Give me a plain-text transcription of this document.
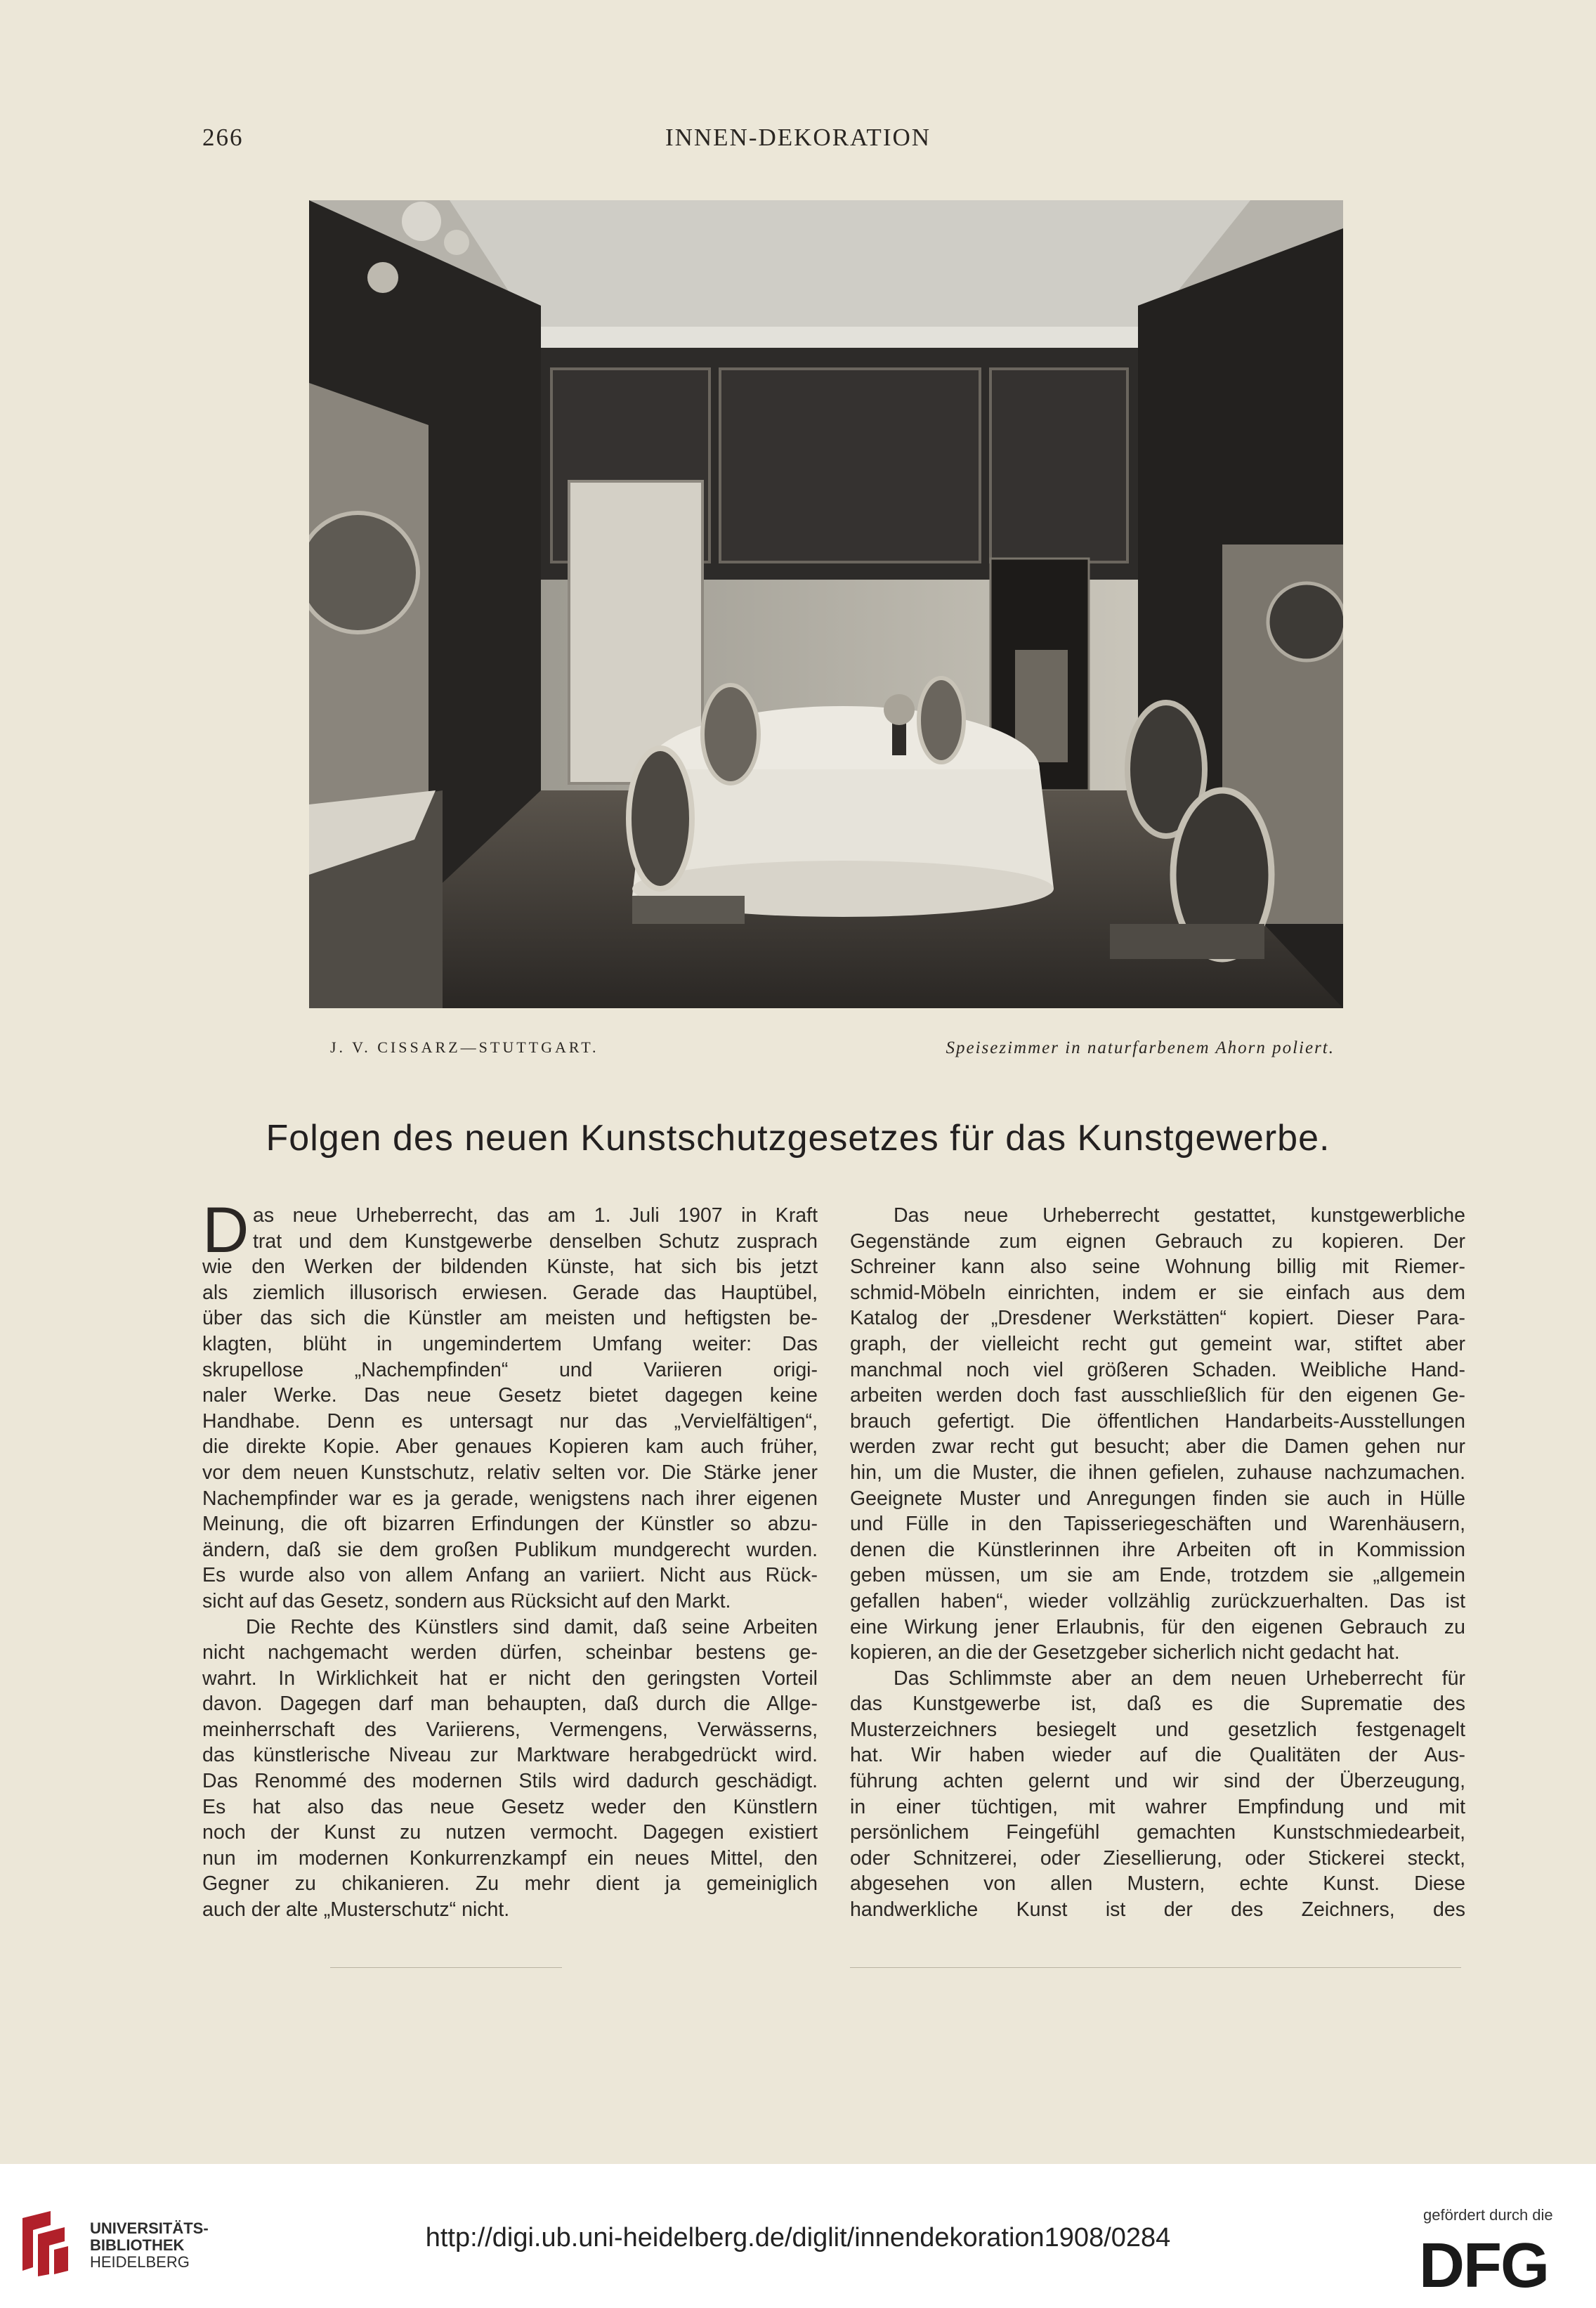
266	INNEN-DEKORATION
J. V. CISSARZ—STUTTGART.	Speisezimmer in naturfarbenem Ahorn poliert.
Folgen des neuen Kunstschutzgesetzes für das Kunstgewerbe.
D as neue Urheberrecht, das am 1. Juli 1907 in Kraft
trat und dem Kunstgewerbe denselben Schutz zusprach
wie den Werken der bildenden Künste, hat sich bis jetzt
als ziemlich illusorisch erwiesen. Gerade das Hauptübel,
über das sich die Künstler am meisten und heftigsten be-
klagten, blüht in ungemindertem Umfang weiter: Das
skrupellose „Nachempfinden“ und Variieren origi-
naler Werke. Das neue Gesetz bietet dagegen keine
Handhabe. Denn es untersagt nur das „Vervielfältigen“,
die direkte Kopie. Aber genaues Kopieren kam auch früher,
vor dem neuen Kunstschutz, relativ selten vor. Die Stärke jener
Nachempfinder war es ja gerade, wenigstens nach ihrer eigenen
Meinung, die oft bizarren Erfindungen der Künstler so abzu-
ändern, daß sie dem großen Publikum mundgerecht wurden.
Es wurde also von allem Anfang an variiert. Nicht aus Rück-
sicht auf das Gesetz, sondern aus Rücksicht auf den Markt.
Die Rechte des Künstlers sind damit, daß seine Arbeiten
nicht nachgemacht werden dürfen, scheinbar bestens ge-
wahrt. In Wirklichkeit hat er nicht den geringsten Vorteil
davon. Dagegen darf man behaupten, daß durch die Allge-
meinherrschaft des Variierens, Vermengens, Verwässerns,
das künstlerische Niveau zur Marktware herabgedrückt wird.
Das Renommé des modernen Stils wird dadurch geschädigt.
Es hat also das neue Gesetz weder den Künstlern
noch der Kunst zu nutzen vermocht. Dagegen existiert
nun im modernen Konkurrenzkampf ein neues Mittel, den
Gegner zu chikanieren. Zu mehr dient ja gemeiniglich
auch der alte „Musterschutz“ nicht.
Das neue Urheberrecht gestattet, kunstgewerbliche
Gegenstände zum eignen Gebrauch zu kopieren. Der
Schreiner kann also seine Wohnung billig mit Riemer-
schmid-Möbeln einrichten, indem er sie einfach aus dem
Katalog der „Dresdener Werkstätten“ kopiert. Dieser Para-
graph, der vielleicht recht gut gemeint war, stiftet aber
manchmal noch viel größeren Schaden. Weibliche Hand-
arbeiten werden doch fast ausschließlich für den eigenen Ge-
brauch gefertigt. Die öffentlichen Handarbeits-Ausstellungen
werden zwar recht gut besucht; aber die Damen gehen nur
hin, um die Muster, die ihnen gefielen, zuhause nachzumachen.
Geeignete Muster und Anregungen finden sie auch in Hülle
und Fülle in den Tapisseriegeschäften und Warenhäusern,
denen die Künstlerinnen ihre Arbeiten oft in Kommission
geben müssen, um sie am Ende, trotzdem sie „allgemein
gefallen haben“, wieder vollzählig zurückzuerhalten. Das ist
eine Wirkung jener Erlaubnis, für den eigenen Gebrauch zu
kopieren, an die der Gesetzgeber sicherlich nicht gedacht hat.
Das Schlimmste aber an dem neuen Urheberrecht für
das Kunstgewerbe ist, daß es die Suprematie des
Musterzeichners besiegelt und gesetzlich festgenagelt
hat. Wir haben wieder auf die Qualitäten der Aus-
führung achten gelernt und wir sind der Überzeugung,
in einer tüchtigen, mit wahrer Empfindung und mit
persönlichem Feingefühl gemachten Kunstschmiedearbeit,
oder Schnitzerei, oder Ziesellierung, oder Stickerei steckt,
abgesehen von allen Mustern, echte Kunst. Diese
handwerkliche Kunst ist der des Zeichners, des
UNIVERSITÄTS-
BIBLIOTHEK
HEIDELBERG
http://digi.ub.uni-heidelberg.de/diglit/innendekoration1908/0284
gefördert durch die
DFG
